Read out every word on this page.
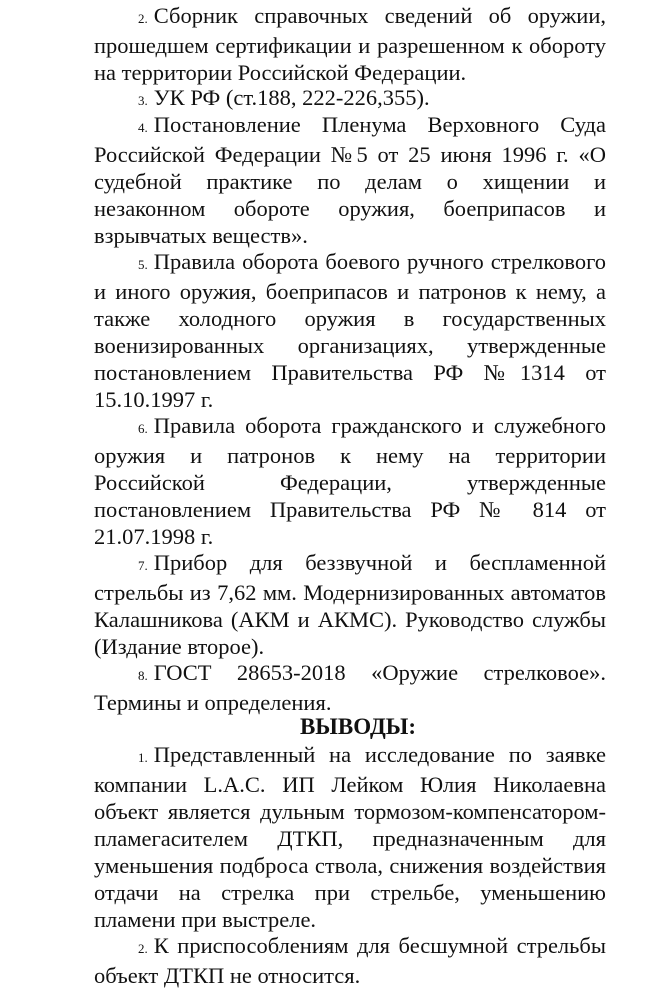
2. Сборник справочных сведений об оружии, прошедшем сертификации и разрешенном к обороту на территории Российской Федерации.

3. УК РФ (ст.188, 222-226,355).

4. Постановление Пленума Верховного Суда Российской Федерации №5 от 25 июня 1996 г. «О судебной практике по делам о хищении и незаконном обороте оружия, боеприпасов и взрывчатых веществ».

5. Правила оборота боевого ручного стрелкового и иного оружия, боеприпасов и патронов к нему, а также холодного оружия в государственных военизированных организациях, утвержденные постановлением Правительства РФ №1314 от 15.10.1997 г.

6. Правила оборота гражданского и служебного оружия и патронов к нему на территории Российской Федерации, утвержденные постановлением Правительства РФ № 814 от 21.07.1998 г.

7. Прибор для беззвучной и беспламенной стрельбы из 7,62 мм. Модернизированных автоматов Калашникова (АКМ и АКМС). Руководство службы (Издание второе).

8. ГОСТ 28653-2018 «Оружие стрелковое». Термины и определения.

ВЫВОДЫ:

1. Представленный на исследование по заявке компании L.A.C. ИП Лейком Юлия Николаевна объект является дульным тормозом-компенсатором-пламегасителем ДТКП, предназначенным для уменьшения подброса ствола, снижения воздействия отдачи на стрелка при стрельбе, уменьшению пламени при выстреле.

2. К приспособлениям для бесшумной стрельбы объект ДТКП не относится.
